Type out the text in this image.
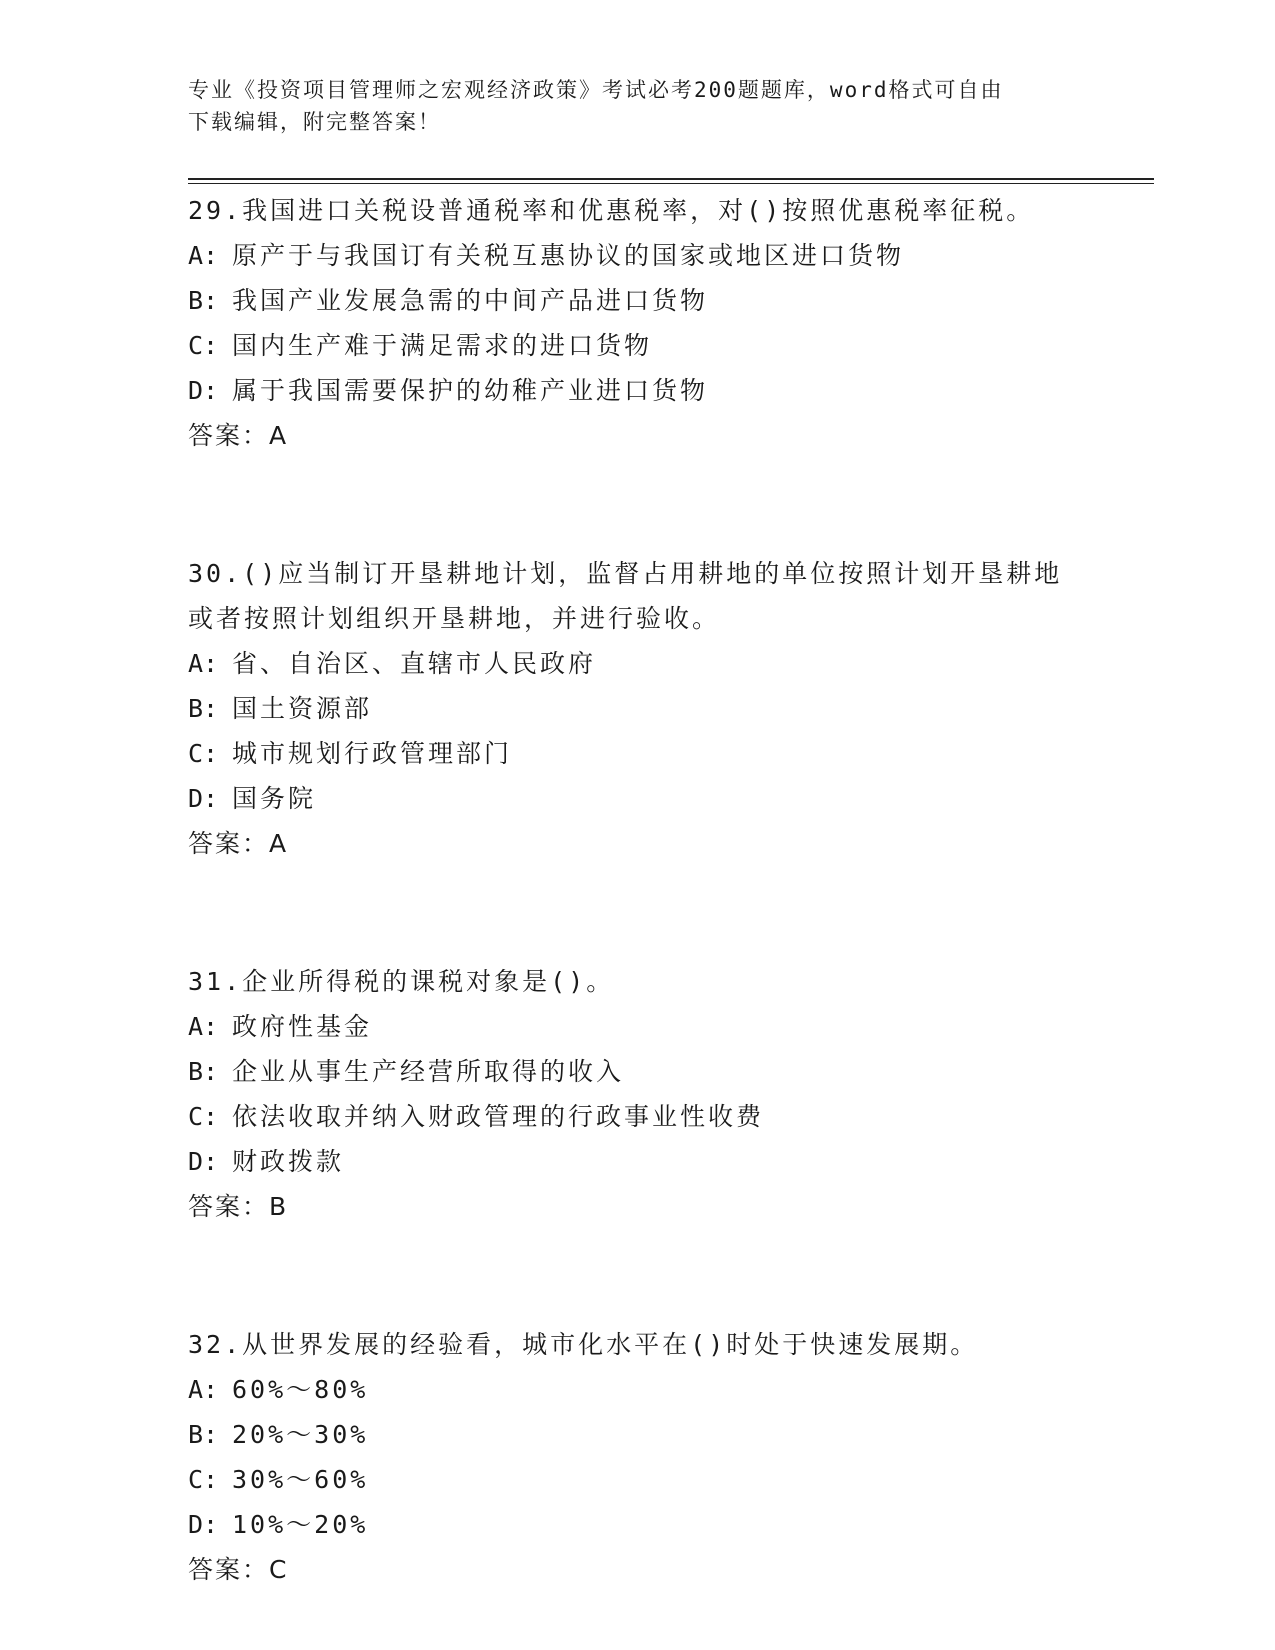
专业《投资项目管理师之宏观经济政策》考试必考200题题库，word格式可自由
下载编辑，附完整答案！
29.我国进口关税设普通税率和优惠税率，对()按照优惠税率征税。
A: 原产于与我国订有关税互惠协议的国家或地区进口货物
B: 我国产业发展急需的中间产品进口货物
C: 国内生产难于满足需求的进口货物
D: 属于我国需要保护的幼稚产业进口货物
答案：A
30.()应当制订开垦耕地计划，监督占用耕地的单位按照计划开垦耕地
或者按照计划组织开垦耕地，并进行验收。
A: 省、自治区、直辖市人民政府
B: 国土资源部
C: 城市规划行政管理部门
D: 国务院
答案：A
31.企业所得税的课税对象是()。
A: 政府性基金
B: 企业从事生产经营所取得的收入
C: 依法收取并纳入财政管理的行政事业性收费
D: 财政拨款
答案：B
32.从世界发展的经验看，城市化水平在()时处于快速发展期。
A: 60%～80%
B: 20%～30%
C: 30%～60%
D: 10%～20%
答案：C
